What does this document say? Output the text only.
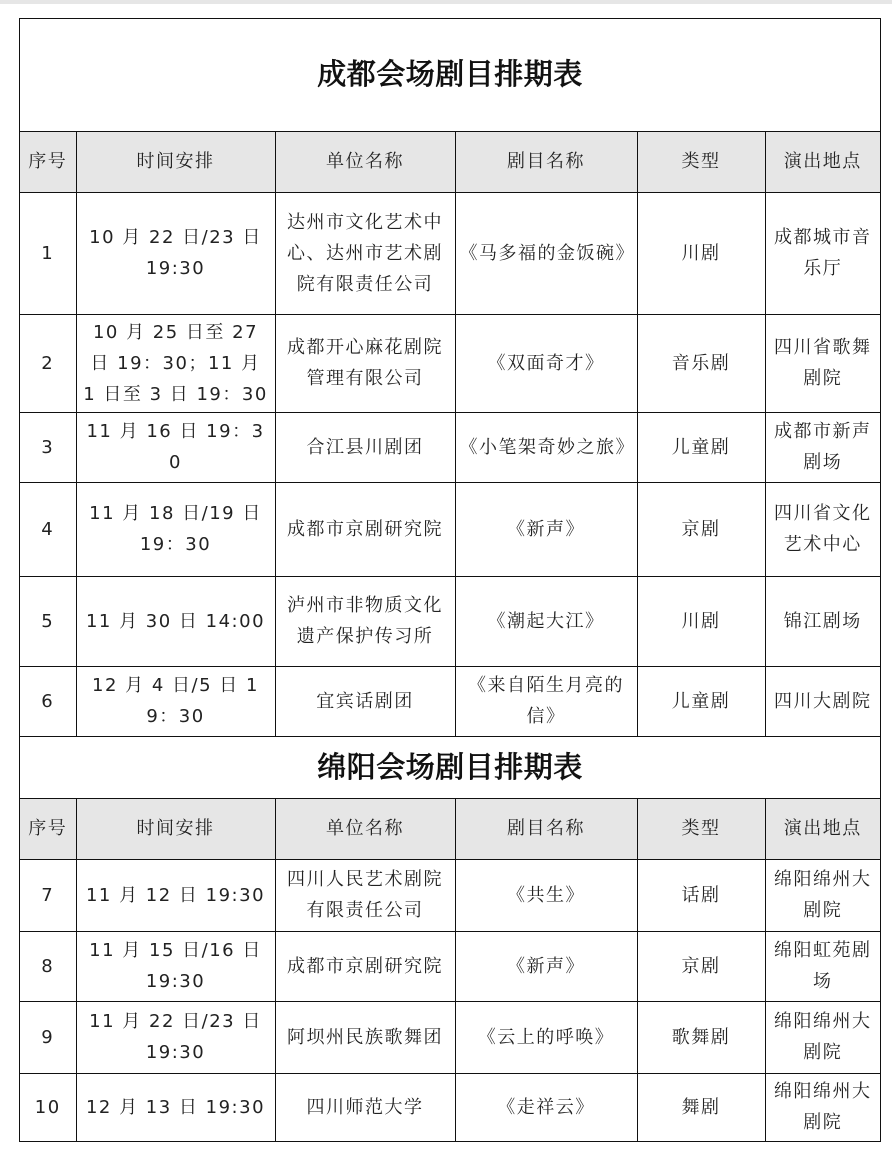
成都会场剧目排期表					
序号	时间安排	单位名称	剧目名称	类型	演出地点
1	10 月 22 日/23 日 19:30	达州市文化艺术中心、达州市艺术剧院有限责任公司	《马多福的金饭碗》	川剧	成都城市音乐厅
2	10 月 25 日至 27 日 19：30；11 月 1 日至 3 日 19：30	成都开心麻花剧院管理有限公司	《双面奇才》	音乐剧	四川省歌舞剧院
3	11 月 16 日 19：30	合江县川剧团	《小笔架奇妙之旅》	儿童剧	成都市新声剧场
4	11 月 18 日/19 日 19：30	成都市京剧研究院	《新声》	京剧	四川省文化艺术中心
5	11 月 30 日 14:00	泸州市非物质文化遗产保护传习所	《潮起大江》	川剧	锦江剧场
6	12 月 4 日/5 日 19：30	宜宾话剧团	《来自陌生月亮的信》	儿童剧	四川大剧院
绵阳会场剧目排期表					
序号	时间安排	单位名称	剧目名称	类型	演出地点
7	11 月 12 日 19:30	四川人民艺术剧院有限责任公司	《共生》	话剧	绵阳绵州大剧院
8	11 月 15 日/16 日 19:30	成都市京剧研究院	《新声》	京剧	绵阳虹苑剧场
9	11 月 22 日/23 日 19:30	阿坝州民族歌舞团	《云上的呼唤》	歌舞剧	绵阳绵州大剧院
10	12 月 13 日 19:30	四川师范大学	《走祥云》	舞剧	绵阳绵州大剧院
